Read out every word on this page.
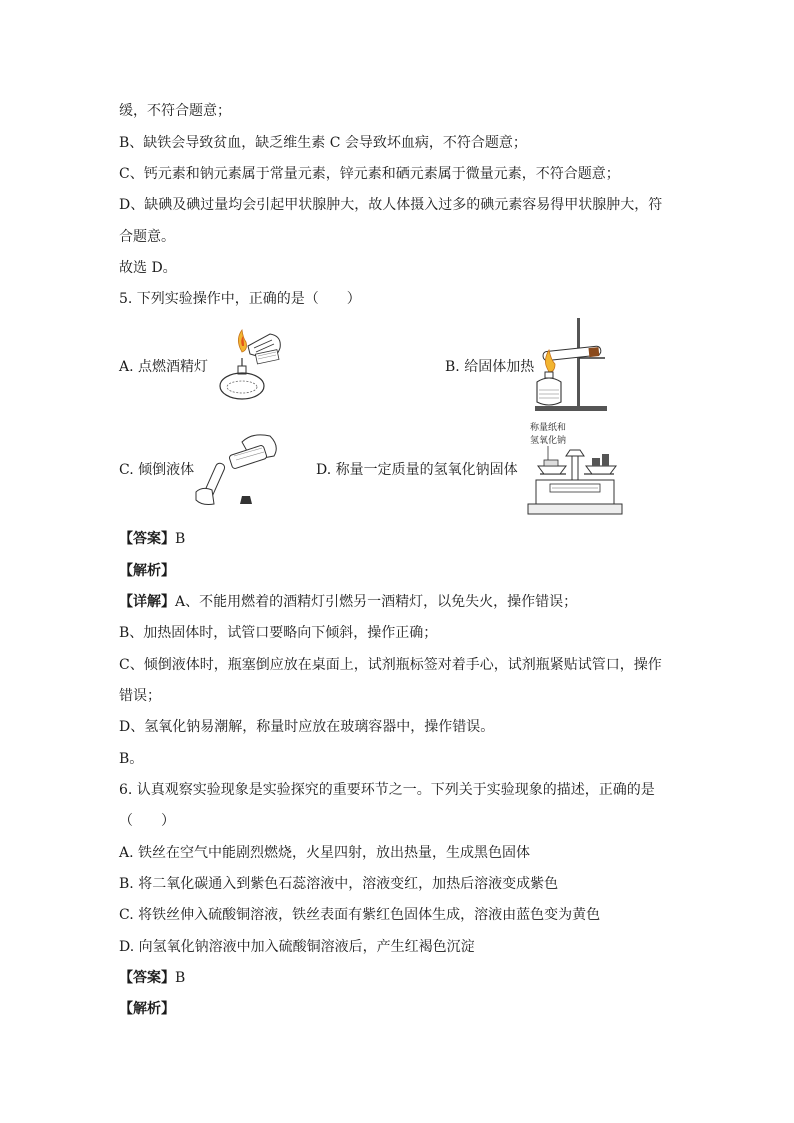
缓，不符合题意；
B、缺铁会导致贫血，缺乏维生素 C 会导致坏血病，不符合题意；
C、钙元素和钠元素属于常量元素，锌元素和硒元素属于微量元素，不符合题意；
D、缺碘及碘过量均会引起甲状腺肿大，故人体摄入过多的碘元素容易得甲状腺肿大，符
合题意。
故选 D。
5. 下列实验操作中，正确的是（　　）
A. 点燃酒精灯	B. 给固体加热
C. 倾倒液体	D. 称量一定质量的氢氧化钠固体
称量纸和
氢氧化钠
【答案】B
【解析】
【详解】A、不能用燃着的酒精灯引燃另一酒精灯，以免失火，操作错误；
B、加热固体时，试管口要略向下倾斜，操作正确；
C、倾倒液体时，瓶塞倒应放在桌面上，试剂瓶标签对着手心，试剂瓶紧贴试管口，操作
错误；
D、氢氧化钠易潮解，称量时应放在玻璃容器中，操作错误。
B。
6. 认真观察实验现象是实验探究的重要环节之一。下列关于实验现象的描述，正确的是
（　　）
A. 铁丝在空气中能剧烈燃烧，火星四射，放出热量，生成黑色固体
B. 将二氧化碳通入到紫色石蕊溶液中，溶液变红，加热后溶液变成紫色
C. 将铁丝伸入硫酸铜溶液，铁丝表面有紫红色固体生成，溶液由蓝色变为黄色
D. 向氢氧化钠溶液中加入硫酸铜溶液后，产生红褐色沉淀
【答案】B
【解析】
